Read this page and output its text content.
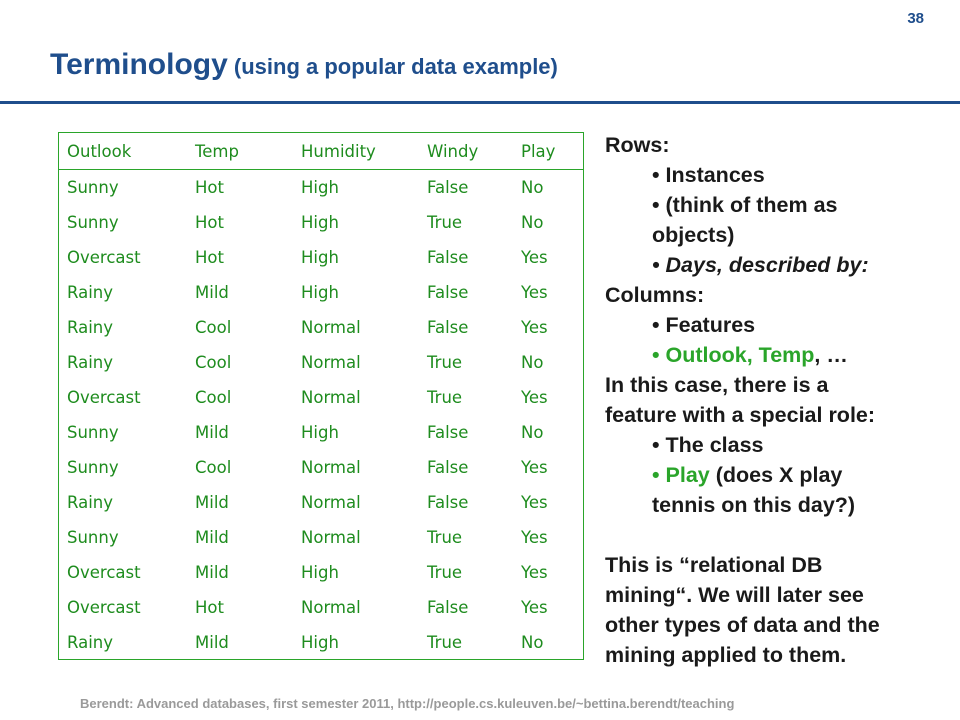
38
Terminology (using a popular data example)
Outlook	Temp	Humidity	Windy	Play
Sunny	Hot	High	False	No
Sunny	Hot	High	True	No
Overcast	Hot	High	False	Yes
Rainy	Mild	High	False	Yes
Rainy	Cool	Normal	False	Yes
Rainy	Cool	Normal	True	No
Overcast	Cool	Normal	True	Yes
Sunny	Mild	High	False	No
Sunny	Cool	Normal	False	Yes
Rainy	Mild	Normal	False	Yes
Sunny	Mild	Normal	True	Yes
Overcast	Mild	High	True	Yes
Overcast	Hot	Normal	False	Yes
Rainy	Mild	High	True	No
Rows:
• Instances
• (think of them as
objects)
• Days, described by:
Columns:
• Features
• Outlook, Temp, …
In this case, there is a
feature with a special role:
• The class
• Play (does X play
tennis on this day?)
This is “relational DB
mining“. We will later see
other types of data and the
mining applied to them.
Berendt: Advanced databases, first semester 2011, http://people.cs.kuleuven.be/~bettina.berendt/teaching
